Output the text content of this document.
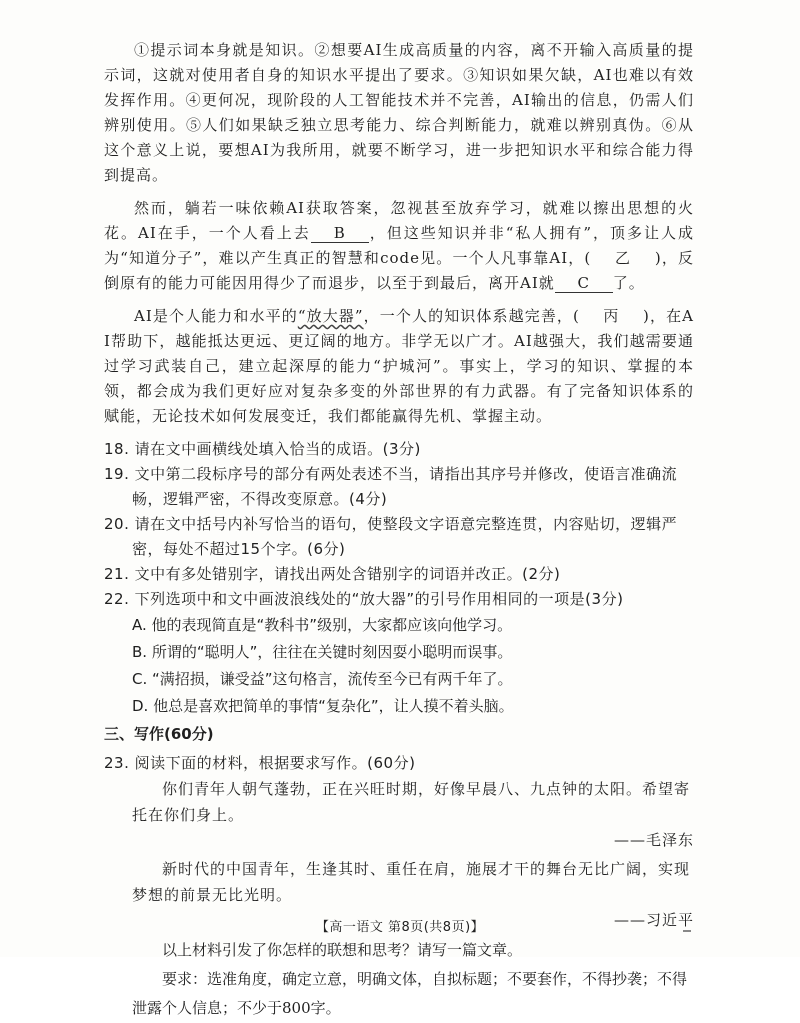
①提示词本身就是知识。②想要AI生成高质量的内容，离不开输入高质量的提示词，这就对使用者自身的知识水平提出了要求。③知识如果欠缺，AI也难以有效发挥作用。④更何况，现阶段的人工智能技术并不完善，AI输出的信息，仍需人们辨别使用。⑤人们如果缺乏独立思考能力、综合判断能力，就难以辨别真伪。⑥从这个意义上说，要想AI为我所用，就要不断学习，进一步把知识水平和综合能力得到提高。

然而，躺若一味依赖AI获取答案，忽视甚至放弃学习，就难以擦出思想的火花。AI在手，一个人看上去 B ，但这些知识并非“私人拥有”，顶多让人成为“知道分子”，难以产生真正的智慧和code见。一个人凡事靠AI，( 乙 )，反倒原有的能力可能因用得少了而退步，以至于到最后，离开AI就 C 了。

AI是个人能力和水平的“放大器”，一个人的知识体系越完善，( 丙 )，在AI帮助下，越能抵达更远、更辽阔的地方。非学无以广才。AI越强大，我们越需要通过学习武装自己，建立起深厚的能力“护城河”。事实上，学习的知识、掌握的本领，都会成为我们更好应对复杂多变的外部世界的有力武器。有了完备知识体系的赋能，无论技术如何发展变迁，我们都能赢得先机、掌握主动。

18. 请在文中画横线处填入恰当的成语。(3分)

19. 文中第二段标序号的部分有两处表述不当，请指出其序号并修改，使语言准确流畅，逻辑严密，不得改变原意。(4分)

20. 请在文中括号内补写恰当的语句，使整段文字语意完整连贯，内容贴切，逻辑严密，每处不超过15个字。(6分)

21. 文中有多处错别字，请找出两处含错别字的词语并改正。(2分)

22. 下列选项中和文中画波浪线处的“放大器”的引号作用相同的一项是(3分)

A. 他的表现简直是“教科书”级别，大家都应该向他学习。

B. 所谓的“聪明人”，往往在关键时刻因耍小聪明而误事。

C. “满招损，谦受益”这句格言，流传至今已有两千年了。

D. 他总是喜欢把简单的事情“复杂化”，让人摸不着头脑。

三、写作(60分)

23. 阅读下面的材料，根据要求写作。(60分)

你们青年人朝气蓬勃，正在兴旺时期，好像早晨八、九点钟的太阳。希望寄托在你们身上。

——毛泽东

新时代的中国青年，生逢其时、重任在肩，施展才干的舞台无比广阔，实现梦想的前景无比光明。

——习近平

以上材料引发了你怎样的联想和思考？请写一篇文章。

要求：选准角度，确定立意，明确文体，自拟标题；不要套作，不得抄袭；不得泄露个人信息；不少于800字。

【高一语文 第8页(共8页)】
